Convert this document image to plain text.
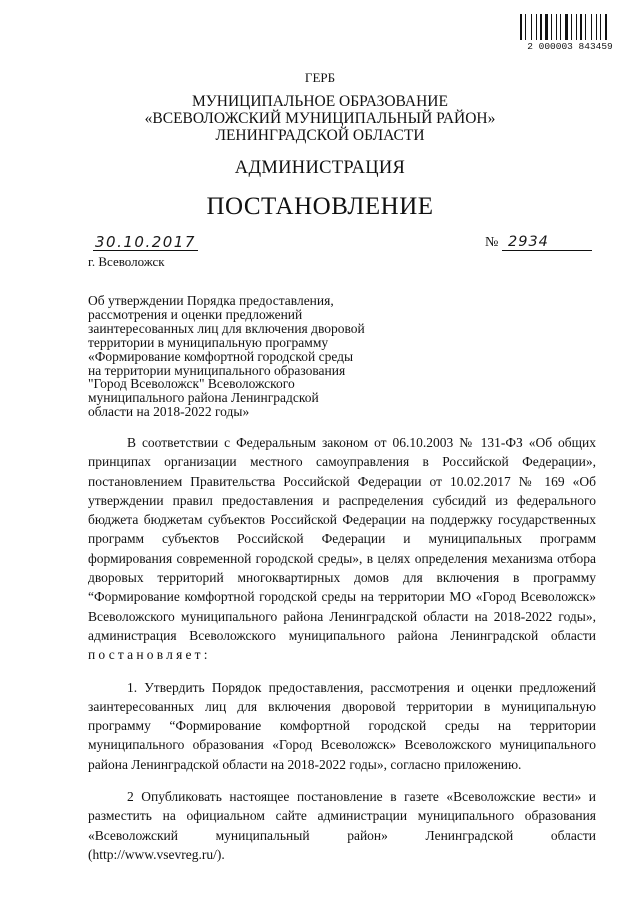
2 000003 843459
ГЕРБ
МУНИЦИПАЛЬНОЕ ОБРАЗОВАНИЕ
«ВСЕВОЛОЖСКИЙ МУНИЦИПАЛЬНЫЙ РАЙОН»
ЛЕНИНГРАДСКОЙ ОБЛАСТИ
АДМИНИСТРАЦИЯ
ПОСТАНОВЛЕНИЕ
30.10.2017	№ 2934
г. Всеволожск
Об утверждении Порядка предоставления,
рассмотрения и оценки предложений
заинтересованных лиц для включения дворовой
территории в муниципальную программу
«Формирование комфортной городской среды
на территории муниципального образования
"Город Всеволожск" Всеволожского
муниципального района Ленинградской
области на 2018-2022 годы»

В соответствии с Федеральным законом от 06.10.2003 № 131-ФЗ «Об общих принципах организации местного самоуправления в Российской Федерации», постановлением Правительства Российской Федерации от 10.02.2017 № 169 «Об утверждении правил предоставления и распределения субсидий из федерального бюджета бюджетам субъектов Российской Федерации на поддержку государственных программ субъектов Российской Федерации и муниципальных программ формирования современной городской среды», в целях определения механизма отбора дворовых территорий многоквартирных домов для включения в программу “Формирование комфортной городской среды на территории МО «Город Всеволожск» Всеволожского муниципального района Ленинградской области на 2018-2022 годы», администрация Всеволожского муниципального района Ленинградской области постановляет:

1. Утвердить Порядок предоставления, рассмотрения и оценки предложений заинтересованных лиц для включения дворовой территории в муниципальную программу “Формирование комфортной городской среды на территории муниципального образования «Город Всеволожск» Всеволожского муниципального района Ленинградской области на 2018-2022 годы», согласно приложению.

2 Опубликовать настоящее постановление в газете «Всеволожские вести» и разместить на официальном сайте администрации муниципального образования «Всеволожский муниципальный район» Ленинградской области (http://www.vsevreg.ru/).
